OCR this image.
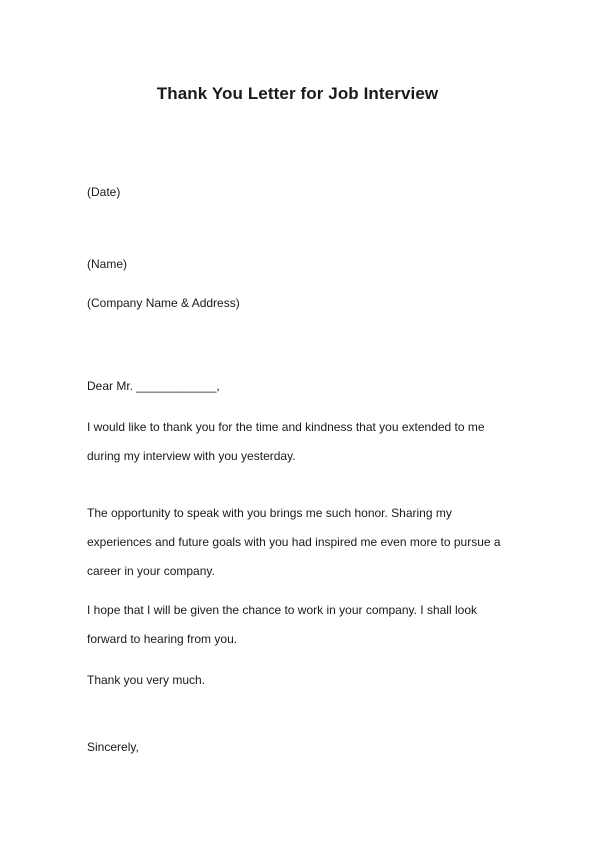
Thank You Letter for Job Interview

(Date)

(Name)

(Company Name & Address)

Dear Mr. ____________,

I would like to thank you for the time and kindness that you extended to me

during my interview with you yesterday.

The opportunity to speak with you brings me such honor. Sharing my

experiences and future goals with you had inspired me even more to pursue a

career in your company.

I hope that I will be given the chance to work in your company. I shall look

forward to hearing from you.

Thank you very much.

Sincerely,
